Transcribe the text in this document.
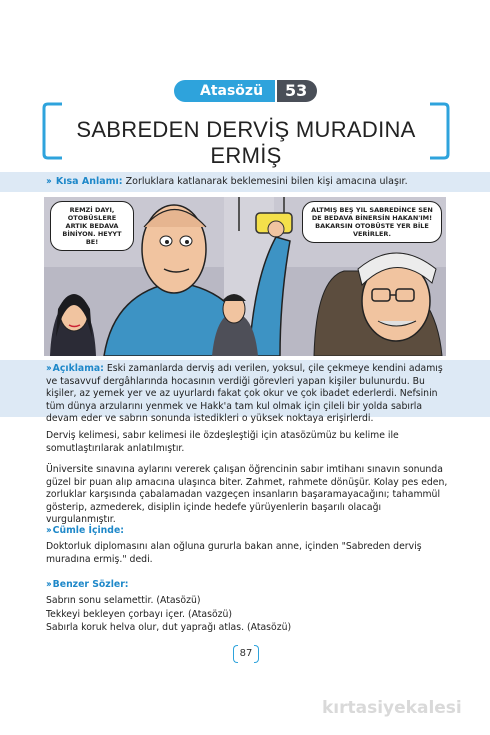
Atasözü	53
SABREDEN DERVİŞ MURADINA ERMİŞ
›› Kısa Anlamı: Zorluklara katlanarak beklemesini bilen kişi amacına ulaşır.
REMZİ DAYI, OTOBÜSLERE ARTIK BEDAVA BİNİYON. HEYYT BE!
ALTMIŞ BEŞ YIL SABREDİNCE SEN DE BEDAVA BİNERSİN HAKAN'IM! BAKARSIN OTOBÜSTE YER BİLE VERİRLER.

›› Açıklama: Eski zamanlarda derviş adı verilen, yoksul, çile çekmeye kendini adamış ve tasavvuf dergâhlarında hocasının verdiği görevleri yapan kişiler bulunurdu. Bu kişiler, az yemek yer ve az uyurlardı fakat çok okur ve çok ibadet ederlerdi. Nefsinin tüm dünya arzularını yenmek ve Hakk'a tam kul olmak için çileli bir yolda sabırla devam eder ve sabrın sonunda istedikleri o yüksek noktaya erişirlerdi.

Derviş kelimesi, sabır kelimesi ile özdeşleştiği için atasözümüz bu kelime ile somutlaştırılarak anlatılmıştır.

Üniversite sınavına aylarını vererek çalışan öğrencinin sabır imtihanı sınavın sonunda güzel bir puan alıp amacına ulaşınca biter. Zahmet, rahmete dönüşür. Kolay pes eden, zorluklar karşısında çabalamadan vazgeçen insanların başaramayacağını; tahammül gösterip, azmederek, disiplin içinde hedefe yürüyenlerin başarılı olacağı vurgulanmıştır.

›› Cümle İçinde:
Doktorluk diplomasını alan oğluna gururla bakan anne, içinden "Sabreden derviş muradına ermiş." dedi.
›› Benzer Sözler:
Sabrın sonu selamettir. (Atasözü)
Tekkeyi bekleyen çorbayı içer. (Atasözü)
Sabırla koruk helva olur, dut yaprağı atlas. (Atasözü)
87
kırtasiyekalesi
